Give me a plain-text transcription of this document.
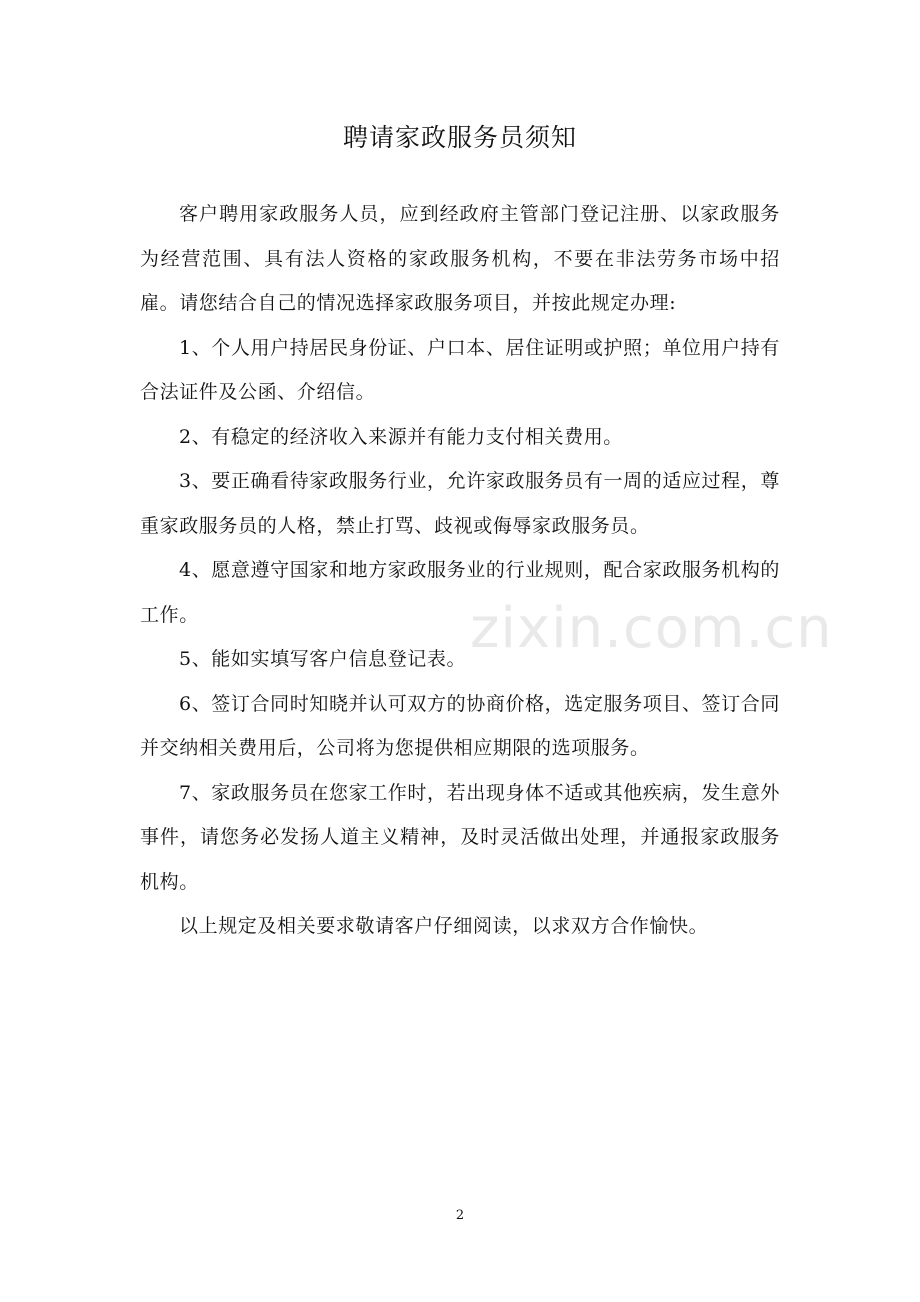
聘请家政服务员须知

客户聘用家政服务人员，应到经政府主管部门登记注册、以家政服务为经营范围、具有法人资格的家政服务机构，不要在非法劳务市场中招雇。请您结合自己的情况选择家政服务项目，并按此规定办理:

1、个人用户持居民身份证、户口本、居住证明或护照；单位用户持有合法证件及公函、介绍信。

2、有稳定的经济收入来源并有能力支付相关费用。

3、要正确看待家政服务行业，允许家政服务员有一周的适应过程，尊重家政服务员的人格，禁止打骂、歧视或侮辱家政服务员。

4、愿意遵守国家和地方家政服务业的行业规则，配合家政服务机构的工作。

5、能如实填写客户信息登记表。

6、签订合同时知晓并认可双方的协商价格，选定服务项目、签订合同并交纳相关费用后，公司将为您提供相应期限的选项服务。

7、家政服务员在您家工作时，若出现身体不适或其他疾病，发生意外事件，请您务必发扬人道主义精神，及时灵活做出处理，并通报家政服务机构。

以上规定及相关要求敬请客户仔细阅读，以求双方合作愉快。

zixin.com.cn
2
